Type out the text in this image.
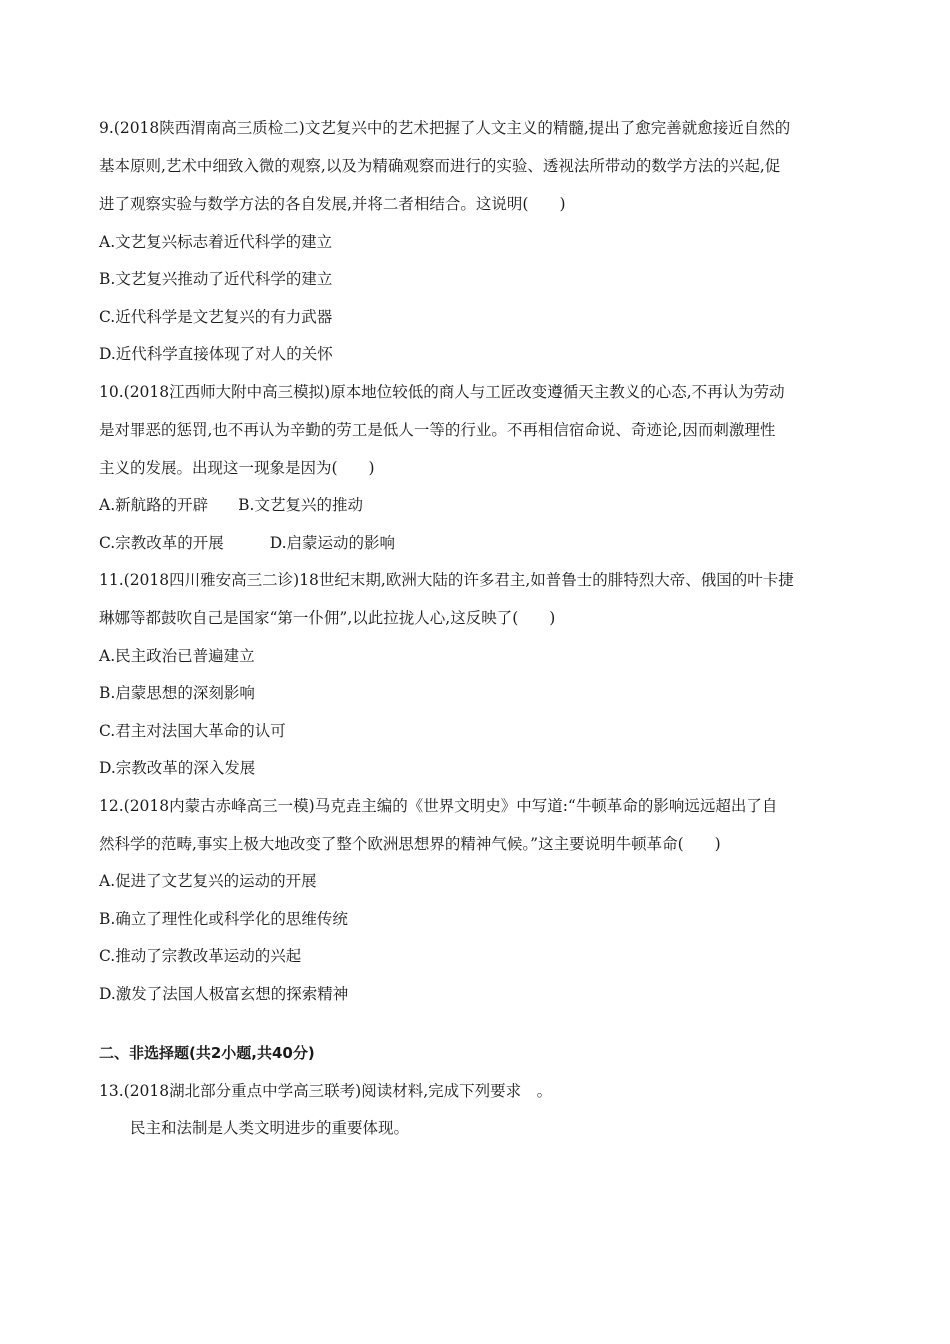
9.(2018陕西渭南高三质检二)文艺复兴中的艺术把握了人文主义的精髓,提出了愈完善就愈接近自然的

基本原则,艺术中细致入微的观察,以及为精确观察而进行的实验、透视法所带动的数学方法的兴起,促

进了观察实验与数学方法的各自发展,并将二者相结合。这说明(　　)

A.文艺复兴标志着近代科学的建立

B.文艺复兴推动了近代科学的建立

C.近代科学是文艺复兴的有力武器

D.近代科学直接体现了对人的关怀

10.(2018江西师大附中高三模拟)原本地位较低的商人与工匠改变遵循天主教义的心态,不再认为劳动

是对罪恶的惩罚,也不再认为辛勤的劳工是低人一等的行业。不再相信宿命说、奇迹论,因而刺激理性

主义的发展。出现这一现象是因为(　　)

A.新航路的开辟 B.文艺复兴的推动

C.宗教改革的开展	D.启蒙运动的影响

11.(2018四川雅安高三二诊)18世纪末期,欧洲大陆的许多君主,如普鲁士的腓特烈大帝、俄国的叶卡捷

琳娜等都鼓吹自己是国家“第一仆佣”,以此拉拢人心,这反映了(　　)

A.民主政治已普遍建立

B.启蒙思想的深刻影响

C.君主对法国大革命的认可

D.宗教改革的深入发展

12.(2018内蒙古赤峰高三一模)马克垚主编的《世界文明史》中写道:“牛顿革命的影响远远超出了自

然科学的范畴,事实上极大地改变了整个欧洲思想界的精神气候。”这主要说明牛顿革命(　　)

A.促进了文艺复兴的运动的开展

B.确立了理性化或科学化的思维传统

C.推动了宗教改革运动的兴起

D.激发了法国人极富玄想的探索精神

二、非选择题(共2小题,共40分)

13.(2018湖北部分重点中学高三联考)阅读材料,完成下列要求　。

民主和法制是人类文明进步的重要体现。
